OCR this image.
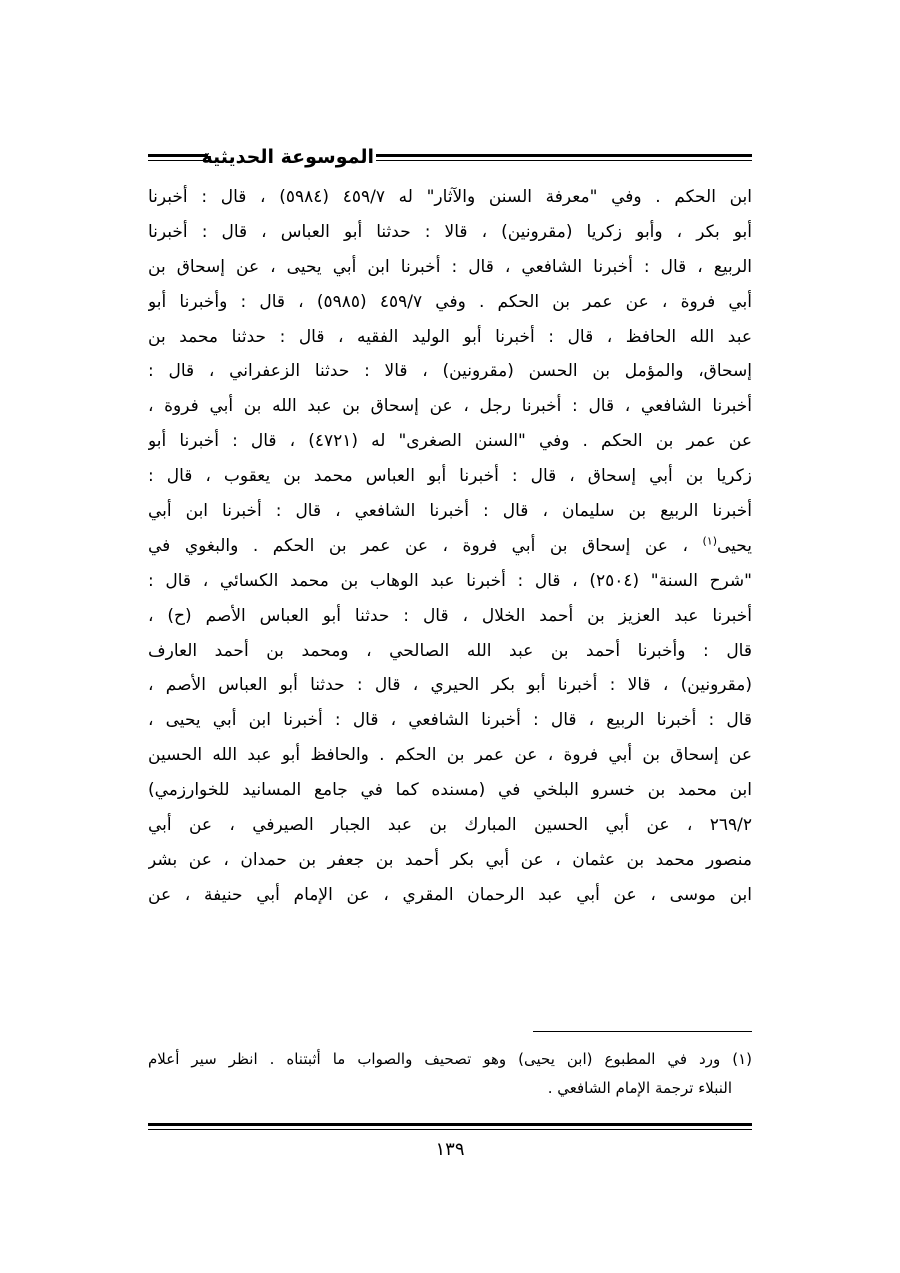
الموسوعة الحديثية
ابن الحكم . وفي "معرفة السنن والآثار" له ٤٥٩/٧ (٥٩٨٤) ، قال : أخبرنا
أبو بكر ، وأبو زكريا (مقرونين) ، قالا : حدثنا أبو العباس ، قال : أخبرنا
الربيع ، قال : أخبرنا الشافعي ، قال : أخبرنا ابن أبي يحيى ، عن إسحاق بن
أبي فروة ، عن عمر بن الحكم . وفي ٤٥٩/٧ (٥٩٨٥) ، قال : وأخبرنا أبو
عبد الله الحافظ ، قال : أخبرنا أبو الوليد الفقيه ، قال : حدثنا محمد بن
إسحاق، والمؤمل بن الحسن (مقرونين) ، قالا : حدثنا الزعفراني ، قال :
أخبرنا الشافعي ، قال : أخبرنا رجل ، عن إسحاق بن عبد الله بن أبي فروة ،
عن عمر بن الحكم . وفي "السنن الصغرى" له (٤٧٢١) ، قال : أخبرنا أبو
زكريا بن أبي إسحاق ، قال : أخبرنا أبو العباس محمد بن يعقوب ، قال :
أخبرنا الربيع بن سليمان ، قال : أخبرنا الشافعي ، قال : أخبرنا ابن أبي
يحيى$^{(١)}$ ، عن إسحاق بن أبي فروة ، عن عمر بن الحكم . والبغوي في
"شرح السنة" (٢٥٠٤) ، قال : أخبرنا عبد الوهاب بن محمد الكسائي ، قال :
أخبرنا عبد العزيز بن أحمد الخلال ، قال : حدثنا أبو العباس الأصم (ح) ،
قال : وأخبرنا أحمد بن عبد الله الصالحي ، ومحمد بن أحمد العارف
(مقرونين) ، قالا : أخبرنا أبو بكر الحيري ، قال : حدثنا أبو العباس الأصم ،
قال : أخبرنا الربيع ، قال : أخبرنا الشافعي ، قال : أخبرنا ابن أبي يحيى ،
عن إسحاق بن أبي فروة ، عن عمر بن الحكم . والحافظ أبو عبد الله الحسين
ابن محمد بن خسرو البلخي في (مسنده كما في جامع المسانيد للخوارزمي)
٢٦٩/٢ ، عن أبي الحسين المبارك بن عبد الجبار الصيرفي ، عن أبي
منصور محمد بن عثمان ، عن أبي بكر أحمد بن جعفر بن حمدان ، عن بشر
ابن موسى ، عن أبي عبد الرحمان المقري ، عن الإمام أبي حنيفة ، عن
(١) ورد في المطبوع (ابن يحيى) وهو تصحيف والصواب ما أثبتناه . انظر سير أعلام
النبلاء ترجمة الإمام الشافعي .
١٣٩
